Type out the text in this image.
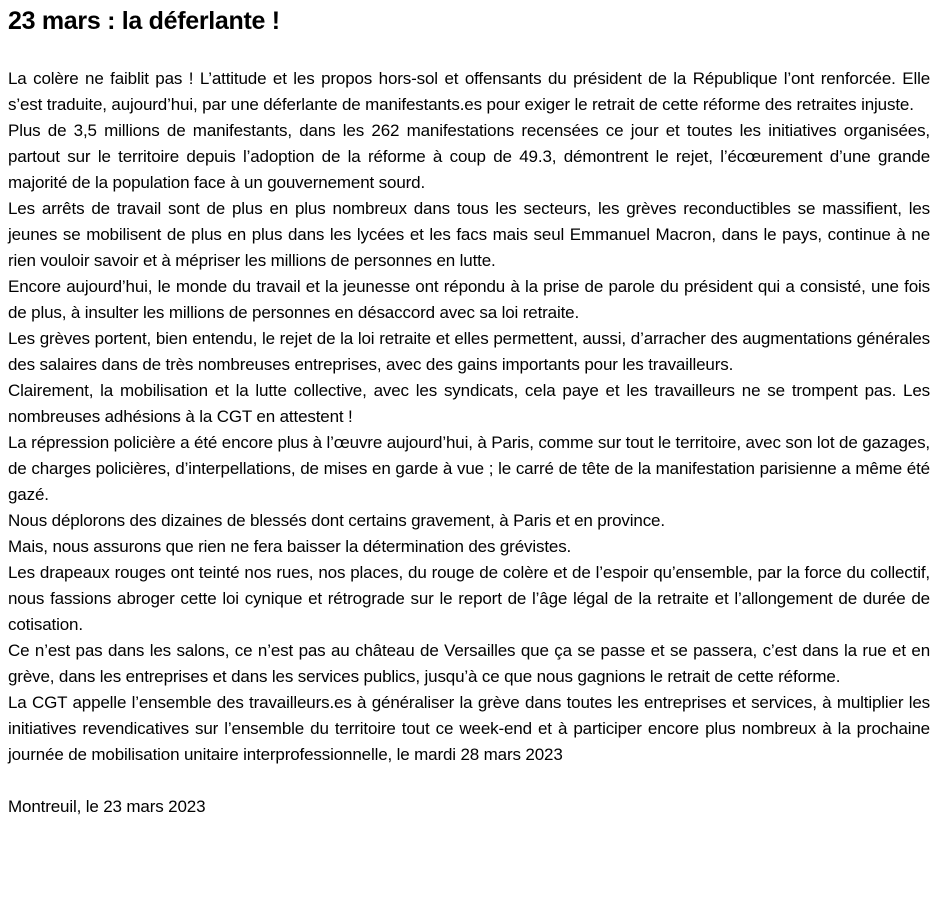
23 mars : la déferlante !

La colère ne faiblit pas ! L’attitude et les propos hors-sol et offensants du président de la République l’ont renforcée. Elle s’est traduite, aujourd’hui, par une déferlante de manifestants.es pour exiger le retrait de cette réforme des retraites injuste.

Plus de 3,5 millions de manifestants, dans les 262 manifestations recensées ce jour et toutes les initiatives organisées, partout sur le territoire depuis l’adoption de la réforme à coup de 49.3, démontrent le rejet, l’écœurement d’une grande majorité de la population face à un gouvernement sourd.

Les arrêts de travail sont de plus en plus nombreux dans tous les secteurs, les grèves reconductibles se massifient, les jeunes se mobilisent de plus en plus dans les lycées et les facs mais seul Emmanuel Macron, dans le pays, continue à ne rien vouloir savoir et à mépriser les millions de personnes en lutte.

Encore aujourd’hui, le monde du travail et la jeunesse ont répondu à la prise de parole du président qui a consisté, une fois de plus, à insulter les millions de personnes en désaccord avec sa loi retraite.

Les grèves portent, bien entendu, le rejet de la loi retraite et elles permettent, aussi, d’arracher des augmentations générales des salaires dans de très nombreuses entreprises, avec des gains importants pour les travailleurs.

Clairement, la mobilisation et la lutte collective, avec les syndicats, cela paye et les travailleurs ne se trompent pas. Les nombreuses adhésions à la CGT en attestent !

La répression policière a été encore plus à l’œuvre aujourd’hui, à Paris, comme sur tout le territoire, avec son lot de gazages, de charges policières, d’interpellations, de mises en garde à vue ; le carré de tête de la manifestation parisienne a même été gazé.

Nous déplorons des dizaines de blessés dont certains gravement, à Paris et en province.

Mais, nous assurons que rien ne fera baisser la détermination des grévistes.

Les drapeaux rouges ont teinté nos rues, nos places, du rouge de colère et de l’espoir qu’ensemble, par la force du collectif, nous fassions abroger cette loi cynique et rétrograde sur le report de l’âge légal de la retraite et l’allongement de durée de cotisation.

Ce n’est pas dans les salons, ce n’est pas au château de Versailles que ça se passe et se passera, c’est dans la rue et en grève, dans les entreprises et dans les services publics, jusqu’à ce que nous gagnions le retrait de cette réforme.

La CGT appelle l’ensemble des travailleurs.es à généraliser la grève dans toutes les entreprises et services, à multiplier les initiatives revendicatives sur l’ensemble du territoire tout ce week-end et à participer encore plus nombreux à la prochaine journée de mobilisation unitaire interprofessionnelle, le mardi 28 mars 2023

Montreuil, le 23 mars 2023
